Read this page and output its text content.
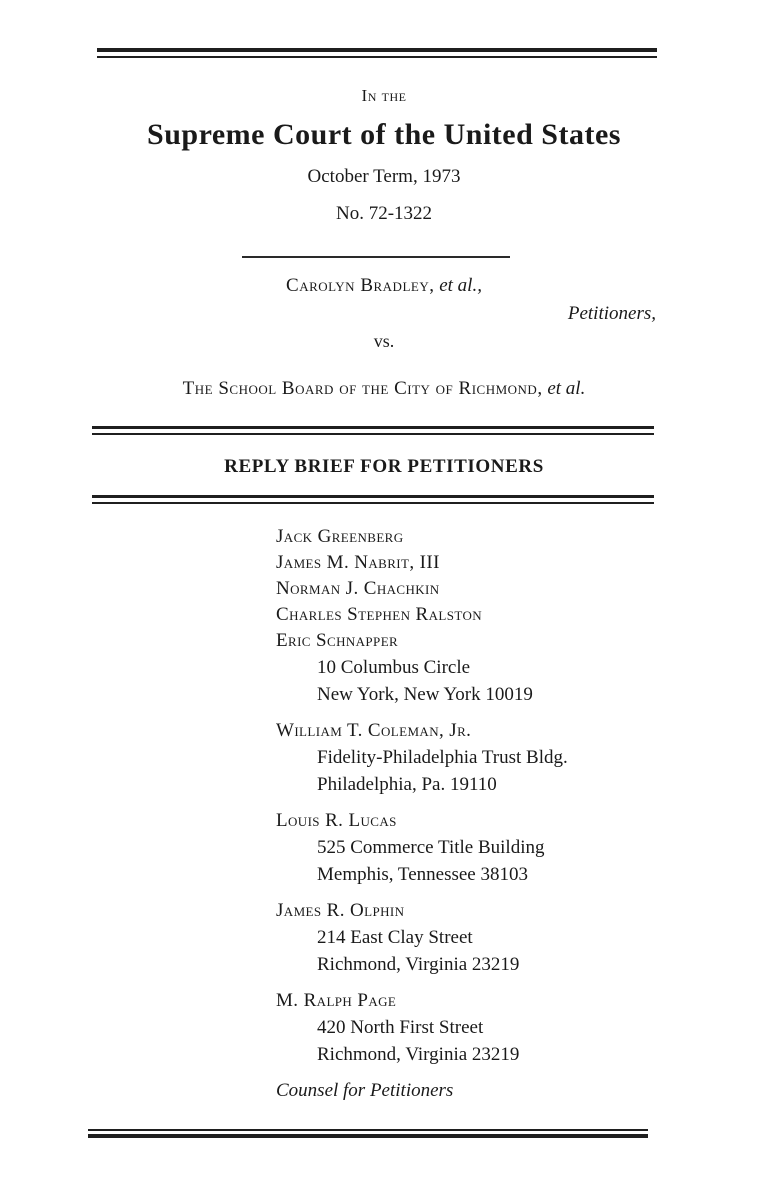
In the
Supreme Court of the United States
October Term, 1973
No. 72-1322
Carolyn Bradley, et al.,
Petitioners,
vs.
The School Board of the City of Richmond, et al.
REPLY BRIEF FOR PETITIONERS
Jack Greenberg
James M. Nabrit, III
Norman J. Chachkin
Charles Stephen Ralston
Eric Schnapper
10 Columbus Circle
New York, New York 10019
William T. Coleman, Jr.
Fidelity-Philadelphia Trust Bldg.
Philadelphia, Pa. 19110
Louis R. Lucas
525 Commerce Title Building
Memphis, Tennessee 38103
James R. Olphin
214 East Clay Street
Richmond, Virginia 23219
M. Ralph Page
420 North First Street
Richmond, Virginia 23219
Counsel for Petitioners
